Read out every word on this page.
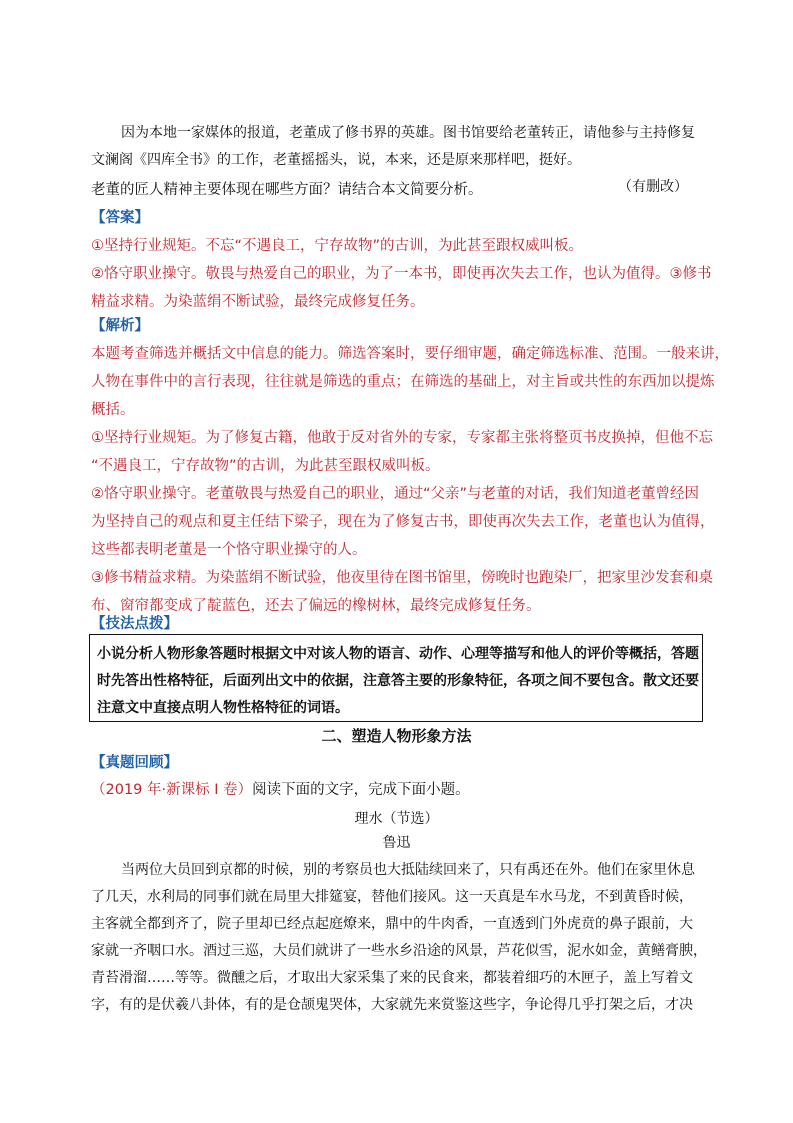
因为本地一家媒体的报道，老董成了修书界的英雄。图书馆要给老董转正，请他参与主持修复

文澜阁《四库全书》的工作，老董摇摇头，说，本来，还是原来那样吧，挺好。

（有删改）

老董的匠人精神主要体现在哪些方面？请结合本文简要分析。

【答案】

①坚持行业规矩。不忘“不遇良工，宁存故物”的古训，为此甚至跟权威叫板。

②恪守职业操守。敬畏与热爱自己的职业，为了一本书，即使再次失去工作，也认为值得。③修书

精益求精。为染蓝绢不断试验，最终完成修复任务。

【解析】

本题考查筛选并概括文中信息的能力。筛选答案时，要仔细审题，确定筛选标准、范围。一般来讲，

人物在事件中的言行表现，往往就是筛选的重点；在筛选的基础上，对主旨或共性的东西加以提炼

概括。

①坚持行业规矩。为了修复古籍，他敢于反对省外的专家，专家都主张将整页书皮换掉，但他不忘

“不遇良工，宁存故物”的古训，为此甚至跟权威叫板。

②恪守职业操守。老董敬畏与热爱自己的职业，通过“父亲”与老董的对话，我们知道老董曾经因

为坚持自己的观点和夏主任结下梁子，现在为了修复古书，即使再次失去工作，老董也认为值得，

这些都表明老董是一个恪守职业操守的人。

③修书精益求精。为染蓝绢不断试验，他夜里待在图书馆里，傍晚时也跑染厂，把家里沙发套和桌

布、窗帘都变成了靛蓝色，还去了偏远的橡树林，最终完成修复任务。

【技法点拨】

小说分析人物形象答题时根据文中对该人物的语言、动作、心理等描写和他人的评价等概括，答题
时先答出性格特征，后面列出文中的依据，注意答主要的形象特征，各项之间不要包含。散文还要
注意文中直接点明人物性格特征的词语。
二、塑造人物形象方法

【真题回顾】

（2019 年·新课标 I 卷）阅读下面的文字，完成下面小题。

理水（节选）
鲁迅

当两位大员回到京都的时候，别的考察员也大抵陆续回来了，只有禹还在外。他们在家里休息

了几天，水利局的同事们就在局里大排筵宴，替他们接风。这一天真是车水马龙，不到黄昏时候，

主客就全都到齐了，院子里却已经点起庭燎来，鼎中的牛肉香，一直透到门外虎贲的鼻子跟前，大

家就一齐咽口水。酒过三巡，大员们就讲了一些水乡沿途的风景，芦花似雪，泥水如金，黄鳝膏腴，

青苔滑溜……等等。微醺之后，才取出大家采集了来的民食来，都装着细巧的木匣子，盖上写着文

字，有的是伏羲八卦体，有的是仓颉鬼哭体，大家就先来赏鉴这些字，争论得几乎打架之后，才决
